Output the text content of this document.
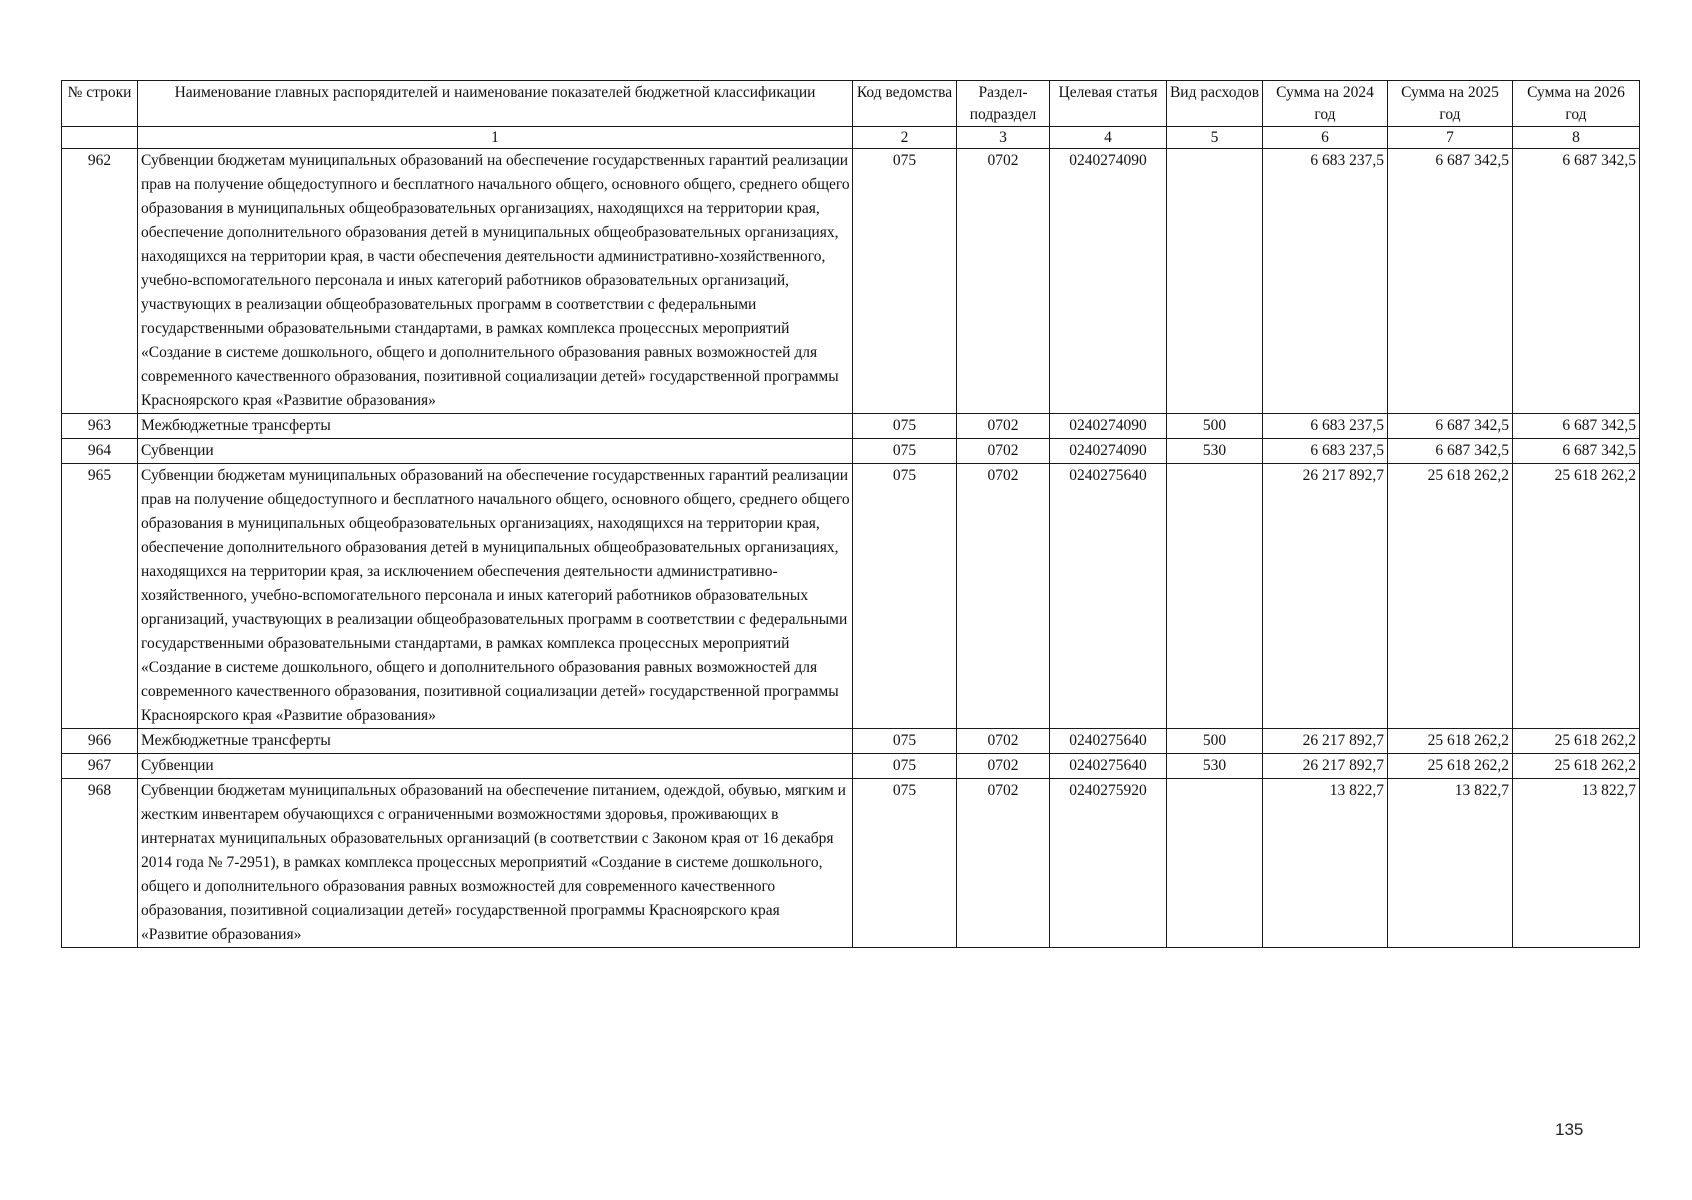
№ строки	Наименование главных распорядителей и наименование показателей бюджетной классификации	Код ведомства	Раздел-подраздел	Целевая статья	Вид расходов	Сумма на 2024 год	Сумма на 2025 год	Сумма на 2026 год
	1	2	3	4	5	6	7	8
962	Субвенции бюджетам муниципальных образований на обеспечение государственных гарантий реализации прав на получение общедоступного и бесплатного начального общего, основного общего, среднего общего образования в муниципальных общеобразовательных организациях, находящихся на территории края, обеспечение дополнительного образования детей в муниципальных общеобразовательных организациях, находящихся на территории края, в части обеспечения деятельности административно-хозяйственного, учебно-вспомогательного персонала и иных категорий работников образовательных организаций, участвующих в реализации общеобразовательных программ в соответствии с федеральными государственными образовательными стандартами, в рамках комплекса процессных мероприятий «Создание в системе дошкольного, общего и дополнительного образования равных возможностей для современного качественного образования, позитивной социализации детей» государственной программы Красноярского края «Развитие образования»	075	0702	0240274090		6 683 237,5	6 687 342,5	6 687 342,5
963	Межбюджетные трансферты	075	0702	0240274090	500	6 683 237,5	6 687 342,5	6 687 342,5
964	Субвенции	075	0702	0240274090	530	6 683 237,5	6 687 342,5	6 687 342,5
965	Субвенции бюджетам муниципальных образований на обеспечение государственных гарантий реализации прав на получение общедоступного и бесплатного начального общего, основного общего, среднего общего образования в муниципальных общеобразовательных организациях, находящихся на территории края, обеспечение дополнительного образования детей в муниципальных общеобразовательных организациях, находящихся на территории края, за исключением обеспечения деятельности административно-хозяйственного, учебно-вспомогательного персонала и иных категорий работников образовательных организаций, участвующих в реализации общеобразовательных программ в соответствии с федеральными государственными образовательными стандартами, в рамках комплекса процессных мероприятий «Создание в системе дошкольного, общего и дополнительного образования равных возможностей для современного качественного образования, позитивной социализации детей» государственной программы Красноярского края «Развитие образования»	075	0702	0240275640		26 217 892,7	25 618 262,2	25 618 262,2
966	Межбюджетные трансферты	075	0702	0240275640	500	26 217 892,7	25 618 262,2	25 618 262,2
967	Субвенции	075	0702	0240275640	530	26 217 892,7	25 618 262,2	25 618 262,2
968	Субвенции бюджетам муниципальных образований на обеспечение питанием, одеждой, обувью, мягким и жестким инвентарем обучающихся с ограниченными возможностями здоровья, проживающих в интернатах муниципальных образовательных организаций (в соответствии с Законом края от 16 декабря 2014 года № 7-2951), в рамках комплекса процессных мероприятий «Создание в системе дошкольного, общего и дополнительного образования равных возможностей для современного качественного образования, позитивной социализации детей» государственной программы Красноярского края «Развитие образования»	075	0702	0240275920		13 822,7	13 822,7	13 822,7
135
